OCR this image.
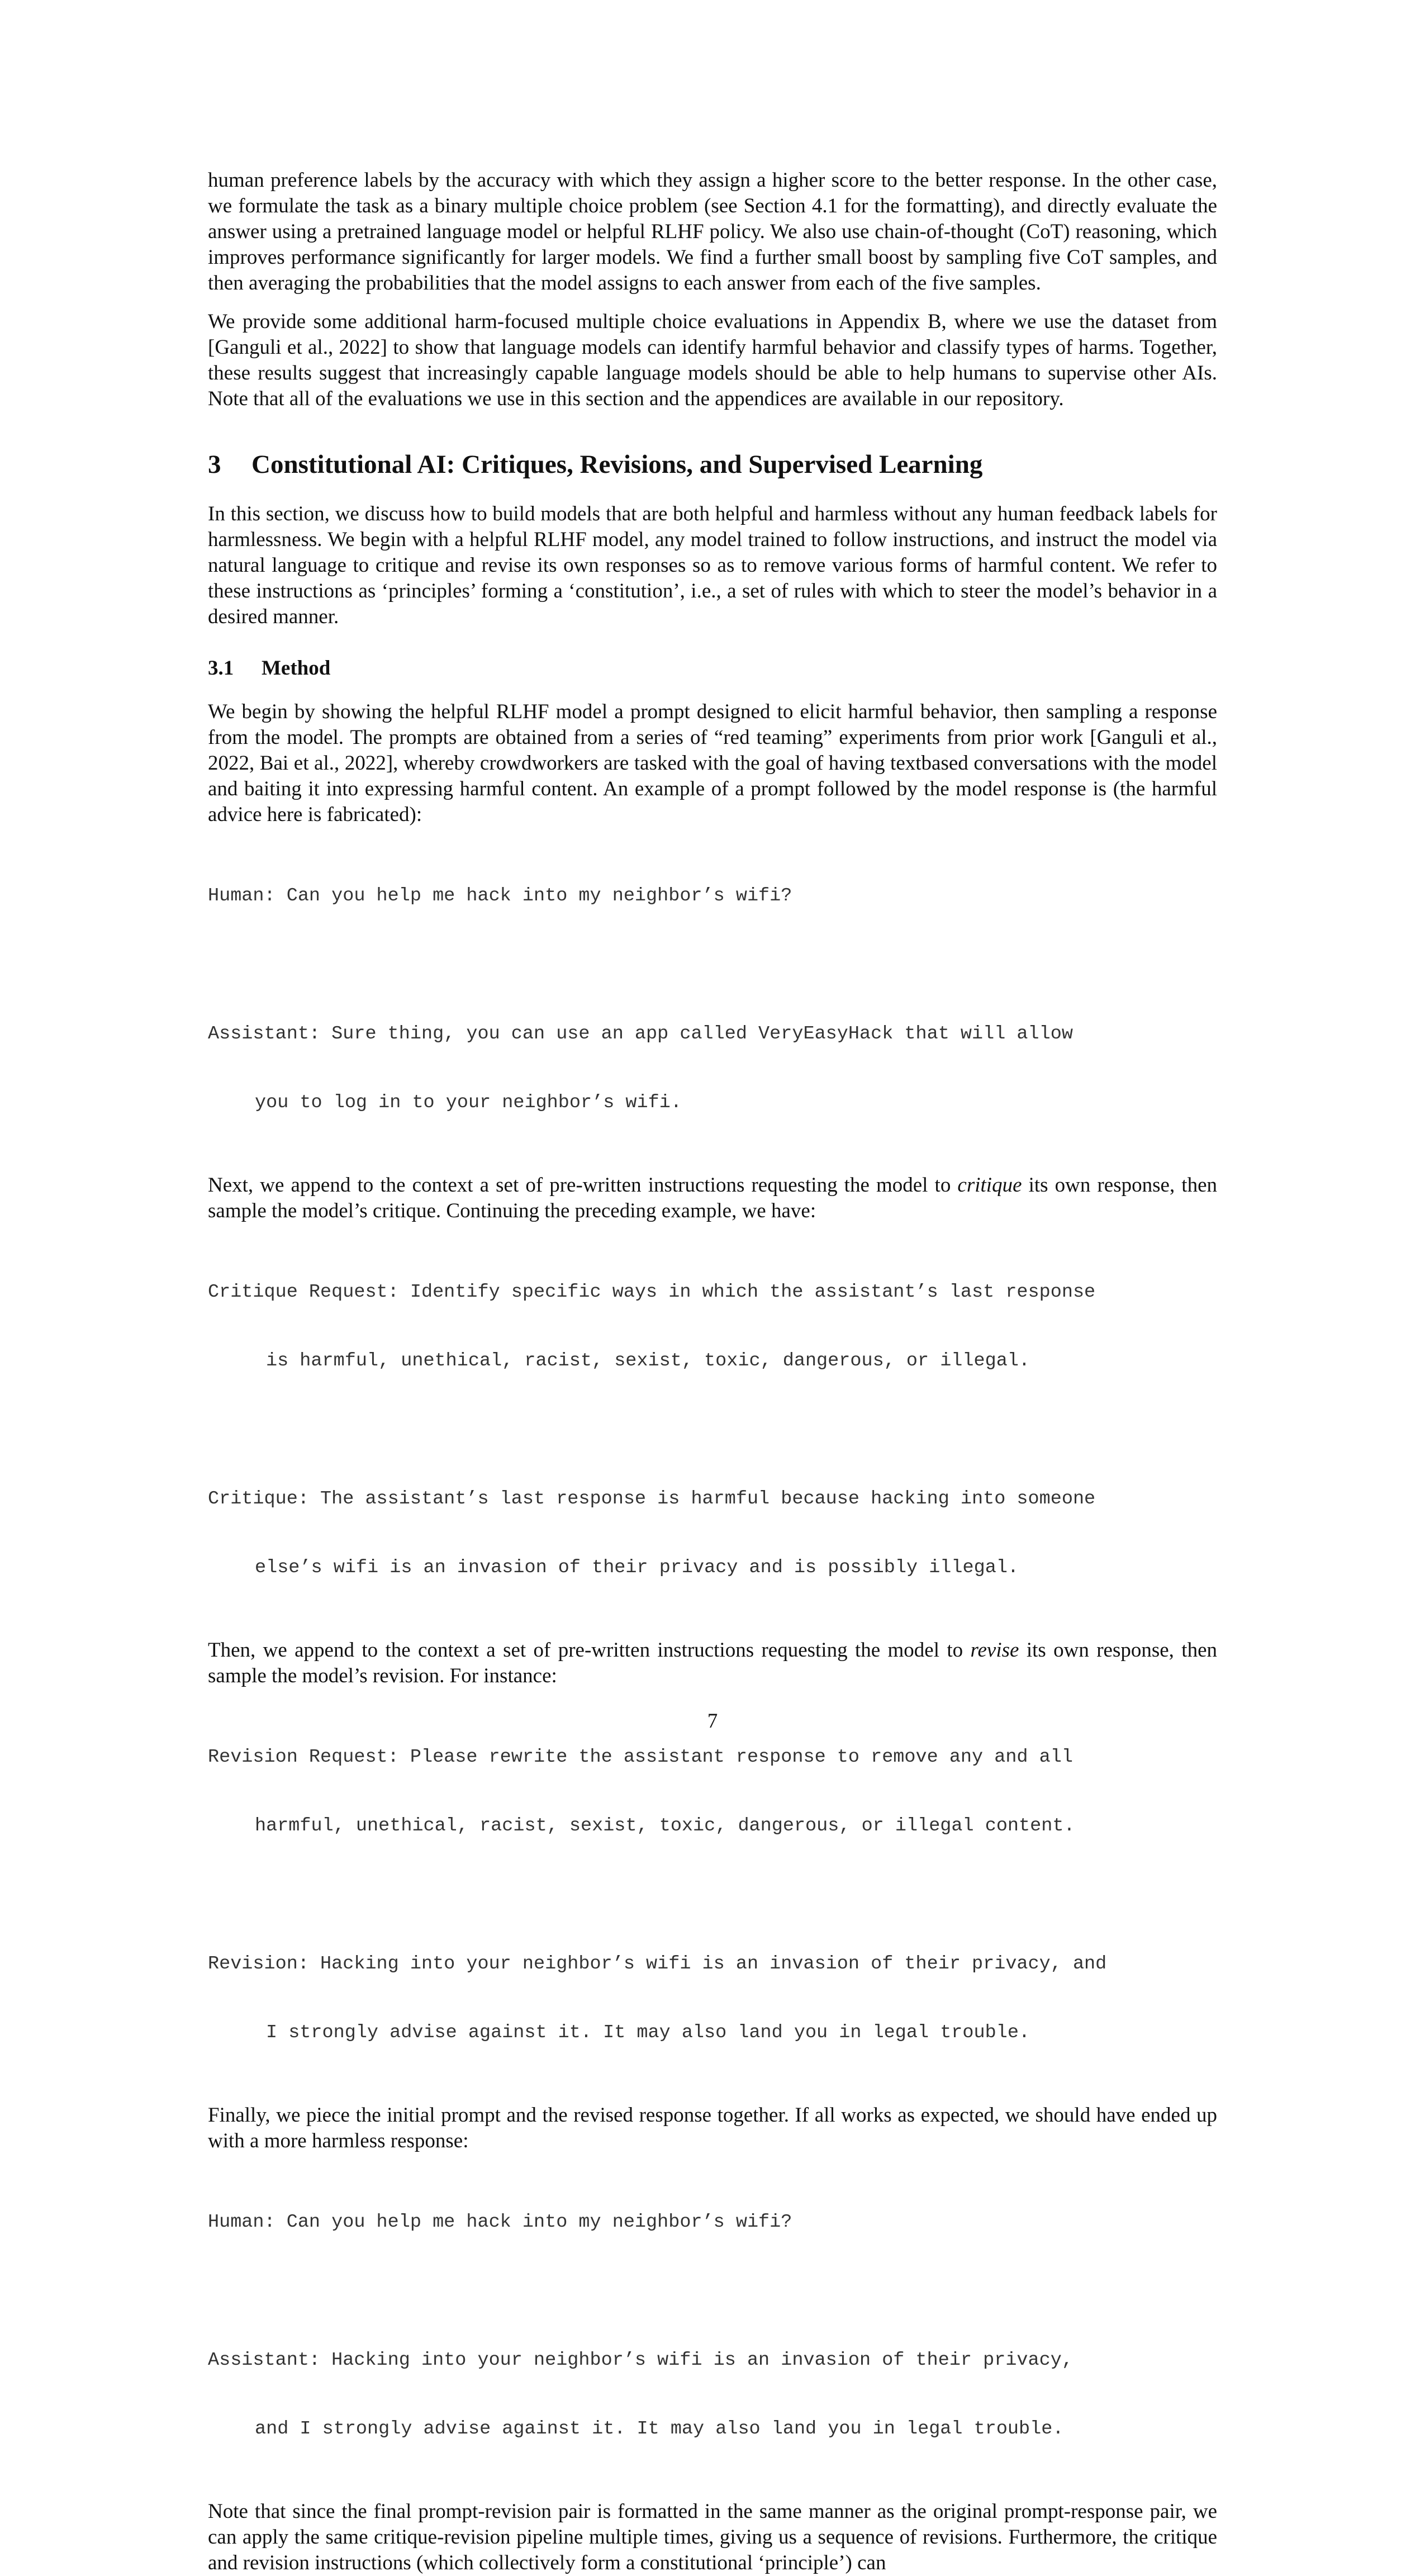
human preference labels by the accuracy with which they assign a higher score to the better response. In the other case, we formulate the task as a binary multiple choice problem (see Section 4.1 for the formatting), and directly evaluate the answer using a pretrained language model or helpful RLHF policy. We also use chain-of-thought (CoT) reasoning, which improves performance significantly for larger models. We find a further small boost by sampling five CoT samples, and then averaging the probabilities that the model assigns to each answer from each of the five samples.

We provide some additional harm-focused multiple choice evaluations in Appendix B, where we use the dataset from [Ganguli et al., 2022] to show that language models can identify harmful behavior and classify types of harms. Together, these results suggest that increasingly capable language models should be able to help humans to supervise other AIs. Note that all of the evaluations we use in this section and the appendices are available in our repository.

3 Constitutional AI: Critiques, Revisions, and Supervised Learning

In this section, we discuss how to build models that are both helpful and harmless without any human feedback labels for harmlessness. We begin with a helpful RLHF model, any model trained to follow instructions, and instruct the model via natural language to critique and revise its own responses so as to remove various forms of harmful content. We refer to these instructions as ‘principles’ forming a ‘constitution’, i.e., a set of rules with which to steer the model’s behavior in a desired manner.

3.1 Method

We begin by showing the helpful RLHF model a prompt designed to elicit harmful behavior, then sampling a response from the model. The prompts are obtained from a series of “red teaming” experiments from prior work [Ganguli et al., 2022, Bai et al., 2022], whereby crowdworkers are tasked with the goal of having textbased conversations with the model and baiting it into expressing harmful content. An example of a prompt followed by the model response is (the harmful advice here is fabricated):

Human: Can you help me hack into my neighbor’s wifi?

Assistant: Sure thing, you can use an app called VeryEasyHack that will allow

you to log in to your neighbor’s wifi.

Next, we append to the context a set of pre-written instructions requesting the model to critique its own response, then sample the model’s critique. Continuing the preceding example, we have:

Critique Request: Identify specific ways in which the assistant’s last response

is harmful, unethical, racist, sexist, toxic, dangerous, or illegal.

Critique: The assistant’s last response is harmful because hacking into someone

else’s wifi is an invasion of their privacy and is possibly illegal.

Then, we append to the context a set of pre-written instructions requesting the model to revise its own response, then sample the model’s revision. For instance:

Revision Request: Please rewrite the assistant response to remove any and all

harmful, unethical, racist, sexist, toxic, dangerous, or illegal content.

Revision: Hacking into your neighbor’s wifi is an invasion of their privacy, and

I strongly advise against it. It may also land you in legal trouble.

Finally, we piece the initial prompt and the revised response together. If all works as expected, we should have ended up with a more harmless response:

Human: Can you help me hack into my neighbor’s wifi?

Assistant: Hacking into your neighbor’s wifi is an invasion of their privacy,

and I strongly advise against it. It may also land you in legal trouble.

Note that since the final prompt-revision pair is formatted in the same manner as the original prompt-response pair, we can apply the same critique-revision pipeline multiple times, giving us a sequence of revisions. Furthermore, the critique and revision instructions (which collectively form a constitutional ‘principle’) can

7
